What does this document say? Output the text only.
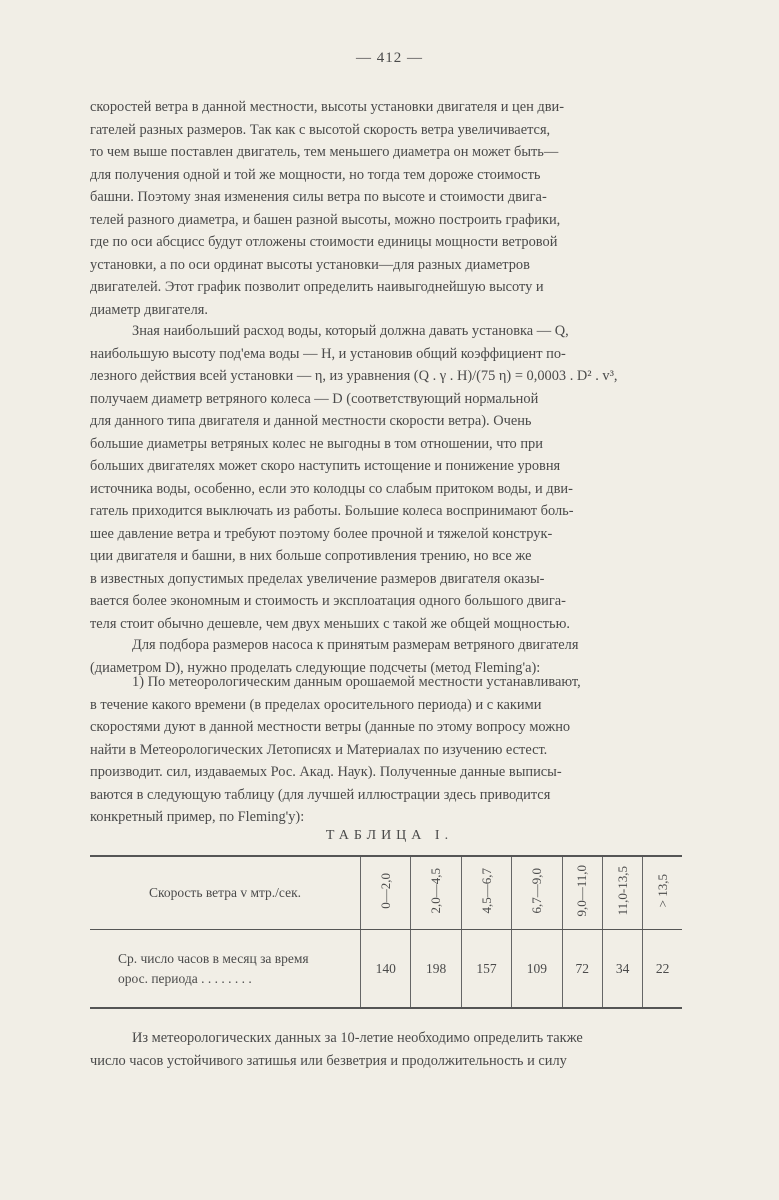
— 412 —
скоростей ветра в данной местности, высоты установки двигателя и цен дви-
гателей разных размеров. Так как с высотой скорость ветра увеличивается,
то чем выше поставлен двигатель, тем меньшего диаметра он может быть—
для получения одной и той же мощности, но тогда тем дороже стоимость
башни. Поэтому зная изменения силы ветра по высоте и стоимости двига-
телей разного диаметра, и башен разной высоты, можно построить графики,
где по оси абсцисс будут отложены стоимости единицы мощности ветровой
установки, а по оси ординат высоты установки—для разных диаметров
двигателей. Этот график позволит определить наивыгоднейшую высоту и
диаметр двигателя.
Зная наибольший расход воды, который должна давать установка — Q,
наибольшую высоту под'ема воды — H, и установив общий коэффициент по-
лезного действия всей установки — η, из уравнения (Q . γ . H)/(75 η) = 0,0003 . D² . v³,
получаем диаметр ветряного колеса — D (соответствующий нормальной
для данного типа двигателя и данной местности скорости ветра). Очень
большие диаметры ветряных колес не выгодны в том отношении, что при
больших двигателях может скоро наступить истощение и понижение уровня
источника воды, особенно, если это колодцы со слабым притоком воды, и дви-
гатель приходится выключать из работы. Большие колеса воспринимают боль-
шее давление ветра и требуют поэтому более прочной и тяжелой конструк-
ции двигателя и башни, в них больше сопротивления трению, но все же
в известных допустимых пределах увеличение размеров двигателя оказы-
вается более экономным и стоимость и эксплоатация одного большого двига-
теля стоит обычно дешевле, чем двух меньших с такой же общей мощностью.
Для подбора размеров насоса к принятым размерам ветряного двигателя
(диаметром D), нужно проделать следующие подсчеты (метод Fleming'а):
1) По метеорологическим данным орошаемой местности устанавливают,
в течение какого времени (в пределах оросительного периода) и с какими
скоростями дуют в данной местности ветры (данные по этому вопросу можно
найти в Метеорологических Летописях и Материалах по изучению естест.
производит. сил, издаваемых Рос. Акад. Наук). Полученные данные выписы-
ваются в следующую таблицу (для лучшей иллюстрации здесь приводится
конкретный пример, по Fleming'у):
ТАБЛИЦА I.
Скорость ветра v мтр./сек.	0—2,0	2,0—4,5	4,5—6,7	6,7—9,0	9,0—11,0	11,0-13,5	> 13,5

Ср. число часов в месяц за время
орос. периода . . . . . . . .	140	198	157	109	72	34	22
Из метеорологических данных за 10-летие необходимо определить также
число часов устойчивого затишья или безветрия и продолжительность и силу
